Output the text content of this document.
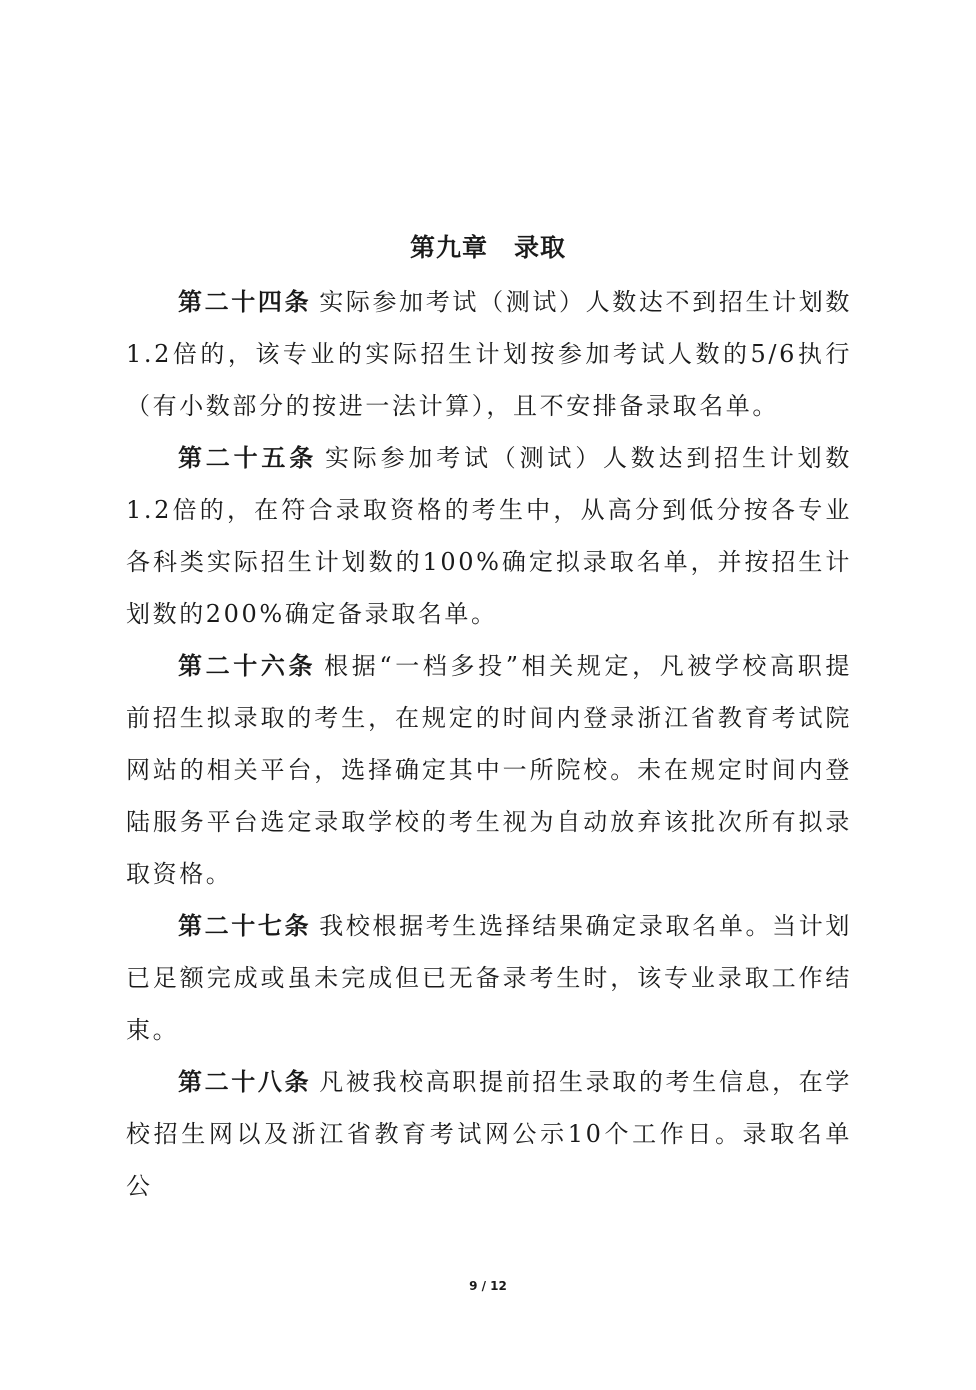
第九章　录取

第二十四条 实际参加考试（测试）人数达不到招生计划数1.2倍的，该专业的实际招生计划按参加考试人数的5/6执行（有小数部分的按进一法计算），且不安排备录取名单。

第二十五条 实际参加考试（测试）人数达到招生计划数1.2倍的，在符合录取资格的考生中，从高分到低分按各专业各科类实际招生计划数的100%确定拟录取名单，并按招生计划数的200%确定备录取名单。

第二十六条 根据“一档多投”相关规定，凡被学校高职提前招生拟录取的考生，在规定的时间内登录浙江省教育考试院网站的相关平台，选择确定其中一所院校。未在规定时间内登陆服务平台选定录取学校的考生视为自动放弃该批次所有拟录取资格。

第二十七条 我校根据考生选择结果确定录取名单。当计划已足额完成或虽未完成但已无备录考生时，该专业录取工作结束。

第二十八条 凡被我校高职提前招生录取的考生信息，在学校招生网以及浙江省教育考试网公示10个工作日。录取名单公

9 / 12
